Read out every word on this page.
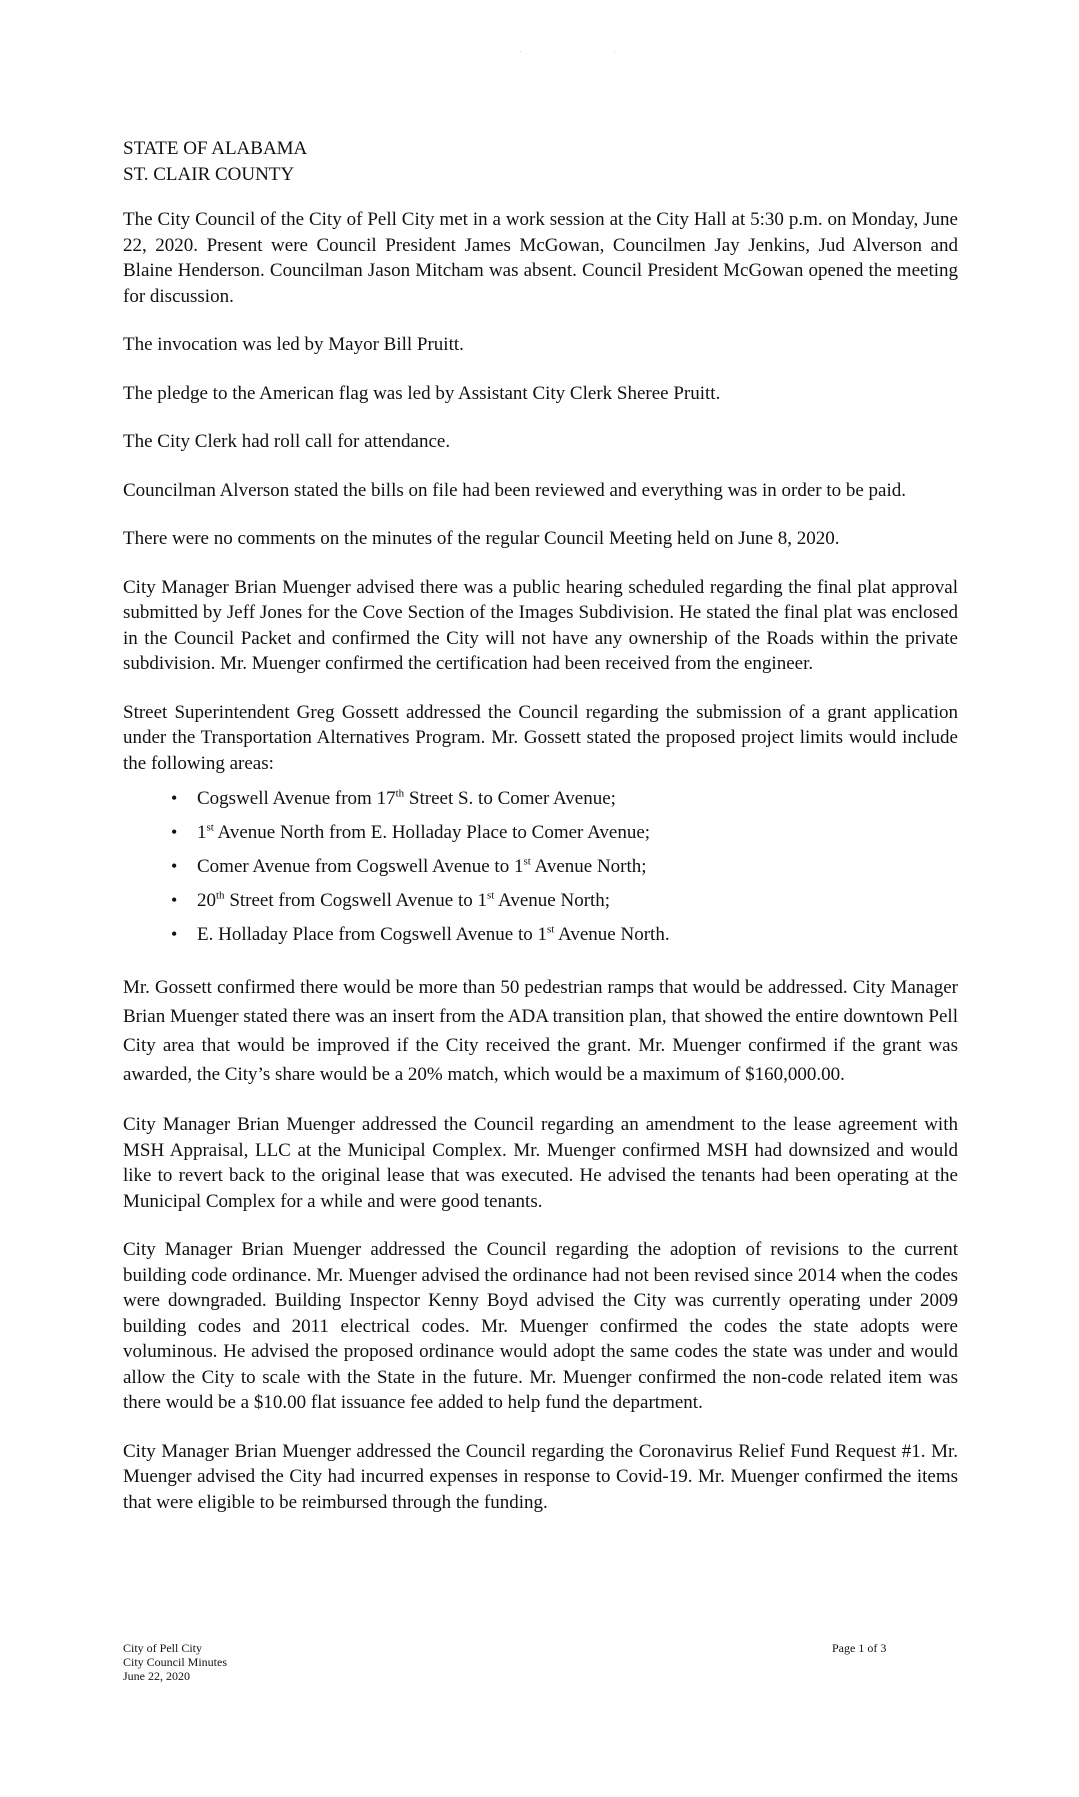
.	.
STATE OF ALABAMA
ST. CLAIR COUNTY

The City Council of the City of Pell City met in a work session at the City Hall at 5:30 p.m. on Monday, June 22, 2020. Present were Council President James McGowan, Councilmen Jay Jenkins, Jud Alverson and Blaine Henderson. Councilman Jason Mitcham was absent. Council President McGowan opened the meeting for discussion.

The invocation was led by Mayor Bill Pruitt.

The pledge to the American flag was led by Assistant City Clerk Sheree Pruitt.

The City Clerk had roll call for attendance.

Councilman Alverson stated the bills on file had been reviewed and everything was in order to be paid.

There were no comments on the minutes of the regular Council Meeting held on June 8, 2020.

City Manager Brian Muenger advised there was a public hearing scheduled regarding the final plat approval submitted by Jeff Jones for the Cove Section of the Images Subdivision. He stated the final plat was enclosed in the Council Packet and confirmed the City will not have any ownership of the Roads within the private subdivision. Mr. Muenger confirmed the certification had been received from the engineer.

Street Superintendent Greg Gossett addressed the Council regarding the submission of a grant application under the Transportation Alternatives Program. Mr. Gossett stated the proposed project limits would include the following areas:

• Cogswell Avenue from 17th Street S. to Comer Avenue;
• 1st Avenue North from E. Holladay Place to Comer Avenue;
• Comer Avenue from Cogswell Avenue to 1st Avenue North;
• 20th Street from Cogswell Avenue to 1st Avenue North;
• E. Holladay Place from Cogswell Avenue to 1st Avenue North.

Mr. Gossett confirmed there would be more than 50 pedestrian ramps that would be addressed. City Manager Brian Muenger stated there was an insert from the ADA transition plan, that showed the entire downtown Pell City area that would be improved if the City received the grant. Mr. Muenger confirmed if the grant was awarded, the City’s share would be a 20% match, which would be a maximum of $160,000.00.

City Manager Brian Muenger addressed the Council regarding an amendment to the lease agreement with MSH Appraisal, LLC at the Municipal Complex. Mr. Muenger confirmed MSH had downsized and would like to revert back to the original lease that was executed. He advised the tenants had been operating at the Municipal Complex for a while and were good tenants.

City Manager Brian Muenger addressed the Council regarding the adoption of revisions to the current building code ordinance. Mr. Muenger advised the ordinance had not been revised since 2014 when the codes were downgraded. Building Inspector Kenny Boyd advised the City was currently operating under 2009 building codes and 2011 electrical codes. Mr. Muenger confirmed the codes the state adopts were voluminous. He advised the proposed ordinance would adopt the same codes the state was under and would allow the City to scale with the State in the future. Mr. Muenger confirmed the non-code related item was there would be a $10.00 flat issuance fee added to help fund the department.

City Manager Brian Muenger addressed the Council regarding the Coronavirus Relief Fund Request #1. Mr. Muenger advised the City had incurred expenses in response to Covid-19. Mr. Muenger confirmed the items that were eligible to be reimbursed through the funding.

City of Pell City
City Council Minutes
June 22, 2020
Page 1 of 3
